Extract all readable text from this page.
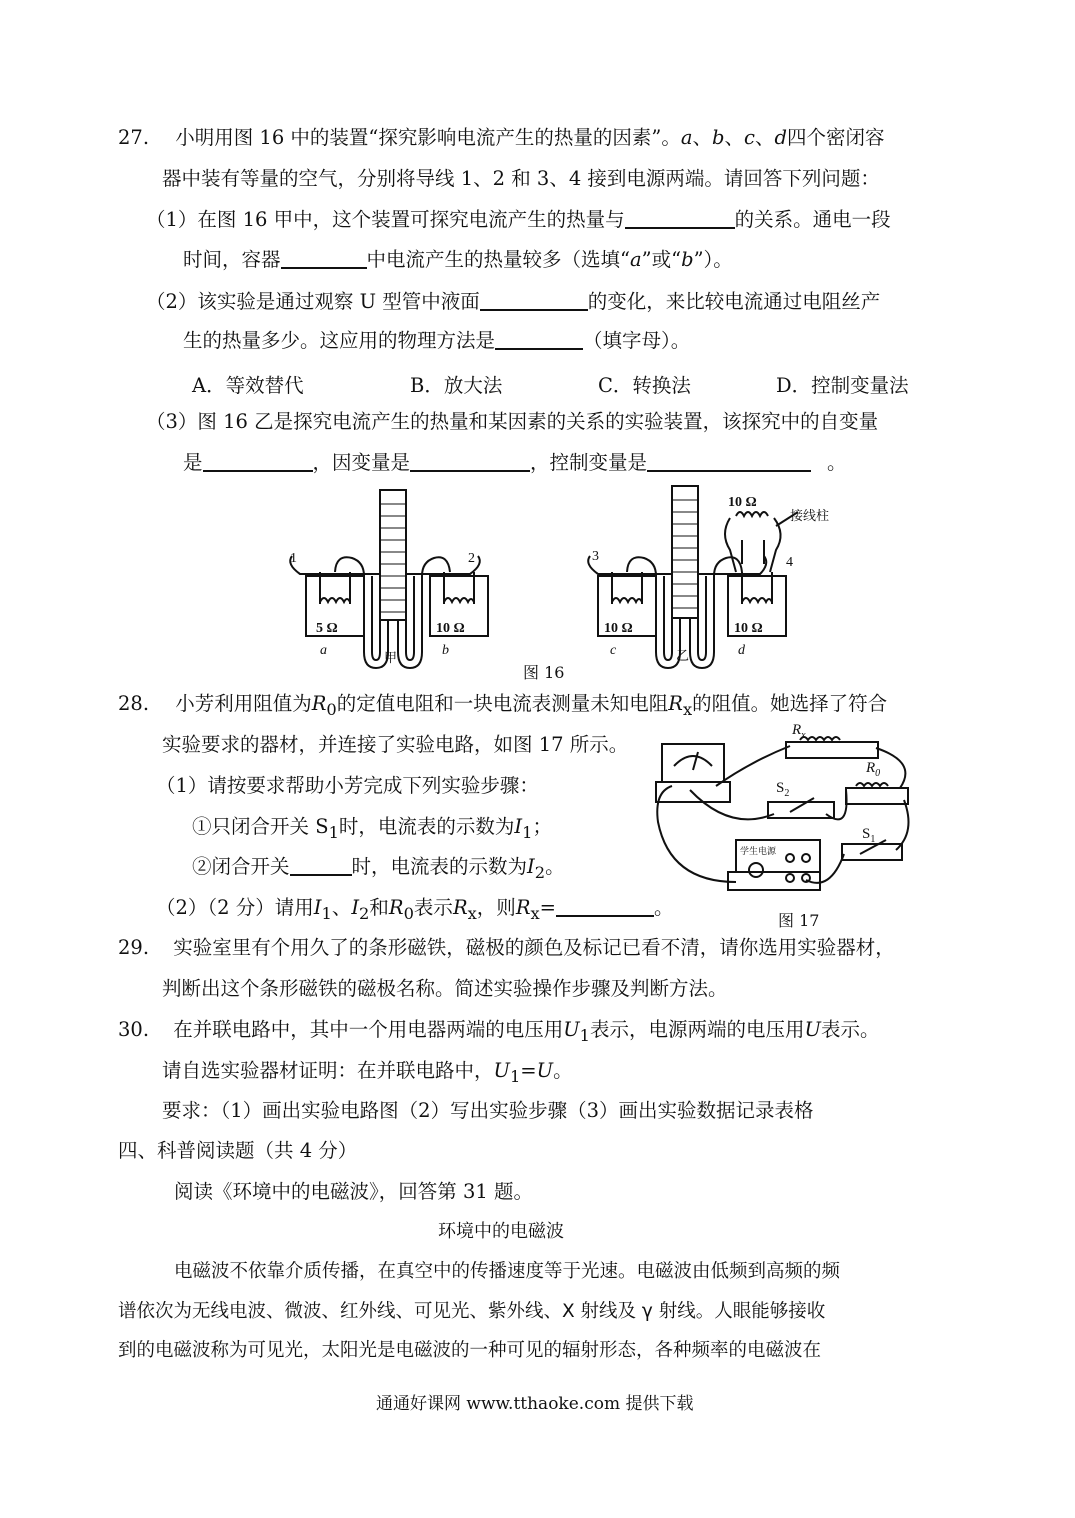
27. 小明用图 16 中的装置“探究影响电流产生的热量的因素”。a、b、c、d四个密闭容
器中装有等量的空气，分别将导线 1、2 和 3、4 接到电源两端。请回答下列问题：
（1）在图 16 甲中，这个装置可探究电流产生的热量与	的关系。通电一段
时间，容器	中电流产生的热量较多（选填“a”或“b”）。
（2）该实验是通过观察 U 型管中液面	的变化，来比较电流通过电阻丝产
生的热量多少。这应用的物理方法是	（填字母）。
A．等效替代	B．放大法	C．转换法	D．控制变量法
（3）图 16 乙是探究电流产生的热量和某因素的关系的实验装置，该探究中的自变量
是	，因变量是	，控制变量是	。
1	2	3	4
5 Ω	10 Ω	10 Ω	10 Ω
10 Ω
接线柱
a	b	c	d
甲	乙
图 16
28. 小芳利用阻值为$R_0$的定值电阻和一块电流表测量未知电阻$R_x$的阻值。她选择了符合
实验要求的器材，并连接了实验电路，如图 17 所示。
（1）请按要求帮助小芳完成下列实验步骤：
①只闭合开关 $S_1$时，电流表的示数为$I_1$；
②闭合开关	时，电流表的示数为$I_2$。
（2）（2 分）请用$I_1$、$I_2$和$R_0$表示$R_x$，则$R_x=$	。
$R_x$
$R_0$
$S_2$
$S_1$
学生电源
图 17
29. 实验室里有个用久了的条形磁铁，磁极的颜色及标记已看不清，请你选用实验器材，
判断出这个条形磁铁的磁极名称。简述实验操作步骤及判断方法。
30. 在并联电路中，其中一个用电器两端的电压用$U_1$表示，电源两端的电压用U表示。
请自选实验器材证明：在并联电路中，$U_1=U$。
要求：（1）画出实验电路图（2）写出实验步骤（3）画出实验数据记录表格
四、科普阅读题（共 4 分）
阅读《环境中的电磁波》，回答第 31 题。
环境中的电磁波
电磁波不依靠介质传播，在真空中的传播速度等于光速。电磁波由低频到高频的频
谱依次为无线电波、微波、红外线、可见光、紫外线、X 射线及 γ 射线。人眼能够接收
到的电磁波称为可见光，太阳光是电磁波的一种可见的辐射形态，各种频率的电磁波在
通通好课网 www.tthaoke.com 提供下载
